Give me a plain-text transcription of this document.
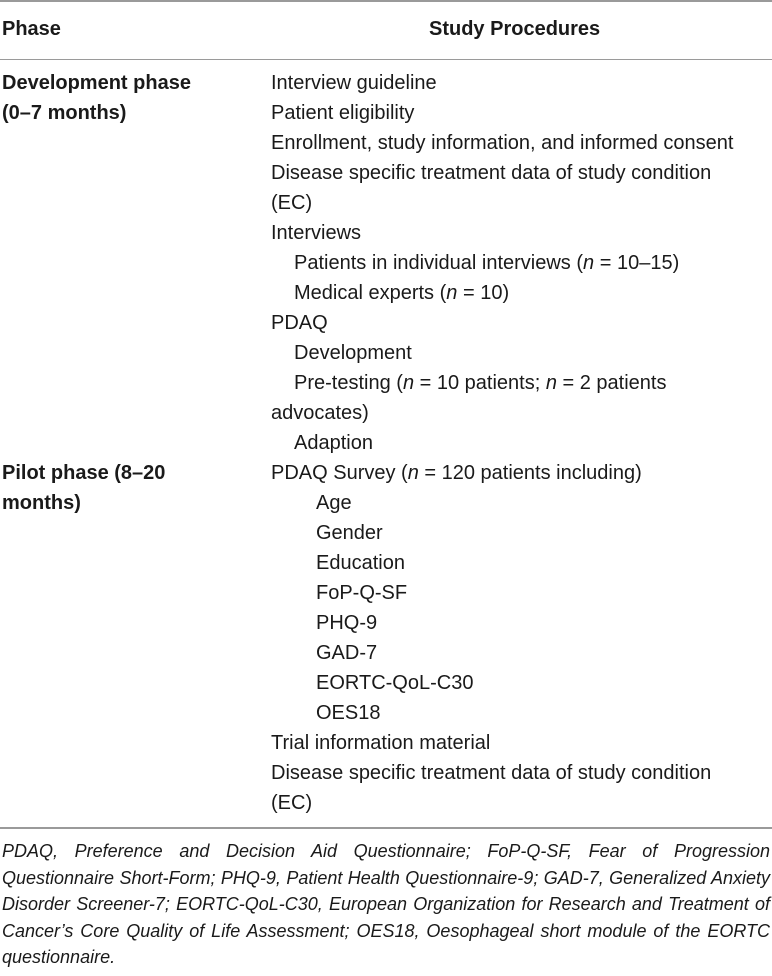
Phase	Study Procedures
Development phase
(0–7 months)
Interview guideline
Patient eligibility
Enrollment, study information, and informed consent
Disease specific treatment data of study condition
(EC)
Interviews
Patients in individual interviews (n = 10–15)
Medical experts (n = 10)
PDAQ
Development
Pre-testing (n = 10 patients; n = 2 patients
advocates)
Adaption
Pilot phase (8–20
months)
PDAQ Survey (n = 120 patients including)
Age
Gender
Education
FoP-Q-SF
PHQ-9
GAD-7
EORTC-QoL-C30
OES18
Trial information material
Disease specific treatment data of study condition
(EC)
PDAQ, Preference and Decision Aid Questionnaire; FoP-Q-SF, Fear of Progression Questionnaire Short-Form; PHQ-9, Patient Health Questionnaire-9; GAD-7, Generalized Anxiety Disorder Screener-7; EORTC-QoL-C30, European Organization for Research and Treatment of Cancer’s Core Quality of Life Assessment; OES18, Oesophageal short module of the EORTC questionnaire.
